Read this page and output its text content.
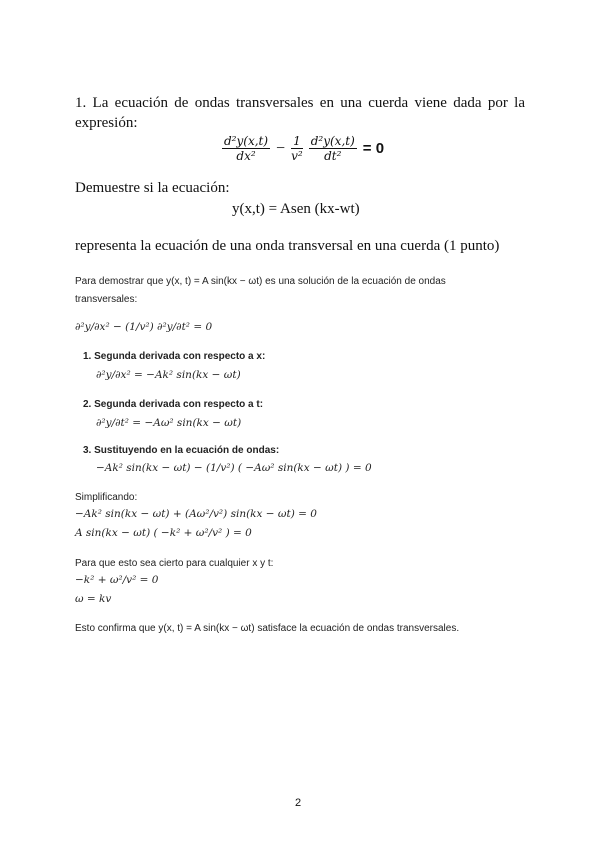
1. La ecuación de ondas transversales en una cuerda viene dada por la
expresión:
$\frac{\text{d²y(x,t)}}{\text{dx²}} - \frac{1}{\text{v²}} \frac{\text{d²y(x,t)}}{\text{dt²}} = 0$
Demuestre si la ecuación:
y(x,t) = Asen (kx-wt)
representa la ecuación de una onda transversal en una cuerda (1 punto)
Para demostrar que y(x, t) = A sin(kx − ωt) es una solución de la ecuación de ondas
transversales:
∂²y/∂x² − (1/v²) ∂²y/∂t² = 0
1. Segunda derivada con respecto a x:
∂²y/∂x² = −Ak² sin(kx − ωt)
2. Segunda derivada con respecto a t:
∂²y/∂t² = −Aω² sin(kx − ωt)
3. Sustituyendo en la ecuación de ondas:
−Ak² sin(kx − ωt) − (1/v²) ( −Aω² sin(kx − ωt) ) = 0
Simplificando:
−Ak² sin(kx − ωt) + (Aω²/v²) sin(kx − ωt) = 0
A sin(kx − ωt) ( −k² + ω²/v² ) = 0
Para que esto sea cierto para cualquier x y t:
−k² + ω²/v² = 0
ω = kv
Esto confirma que y(x, t) = A sin(kx − ωt) satisface la ecuación de ondas transversales.
2
